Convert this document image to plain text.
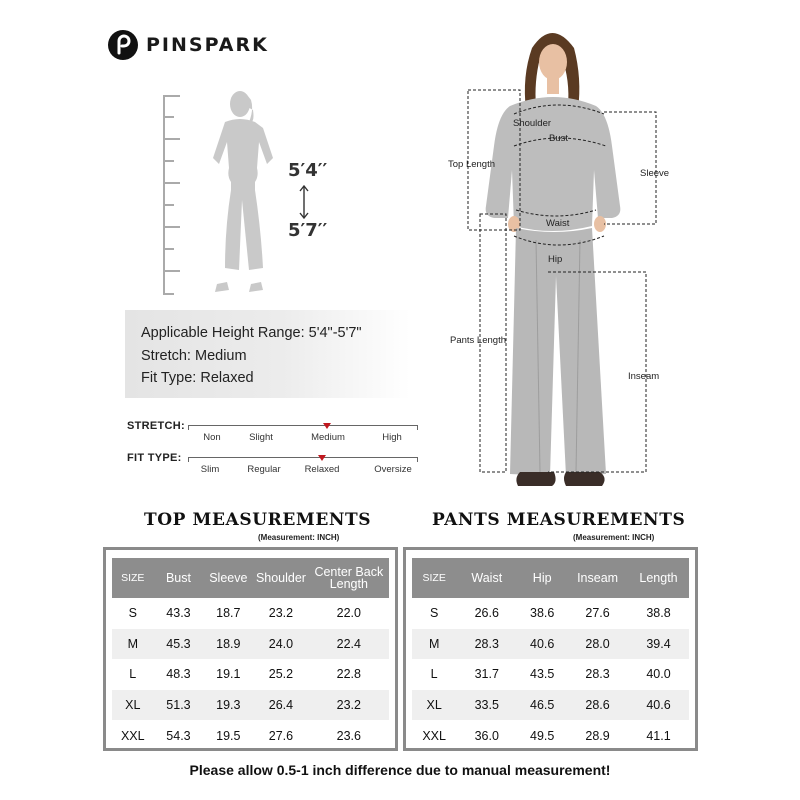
PINSPARK
5′4′′
5′7′′
Applicable Height Range: 5'4"-5'7"
Stretch: Medium
Fit Type: Relaxed
STRETCH:
Non	Slight	Medium	High
FIT TYPE:
Slim	Regular	Relaxed	Oversize
Shoulder
Bust
Top Length
Sleeve
Waist
Hip
Pants Length
Inseam
TOP MEASUREMENTS
(Measurement: INCH)
SIZE	Bust	Sleeve	Shoulder	Center Back Length
S	43.3	18.7	23.2	22.0
M	45.3	18.9	24.0	22.4
L	48.3	19.1	25.2	22.8
XL	51.3	19.3	26.4	23.2
XXL	54.3	19.5	27.6	23.6
PANTS MEASUREMENTS
(Measurement: INCH)
SIZE	Waist	Hip	Inseam	Length
S	26.6	38.6	27.6	38.8
M	28.3	40.6	28.0	39.4
L	31.7	43.5	28.3	40.0
XL	33.5	46.5	28.6	40.6
XXL	36.0	49.5	28.9	41.1
Please allow 0.5-1 inch difference due to manual measurement!
